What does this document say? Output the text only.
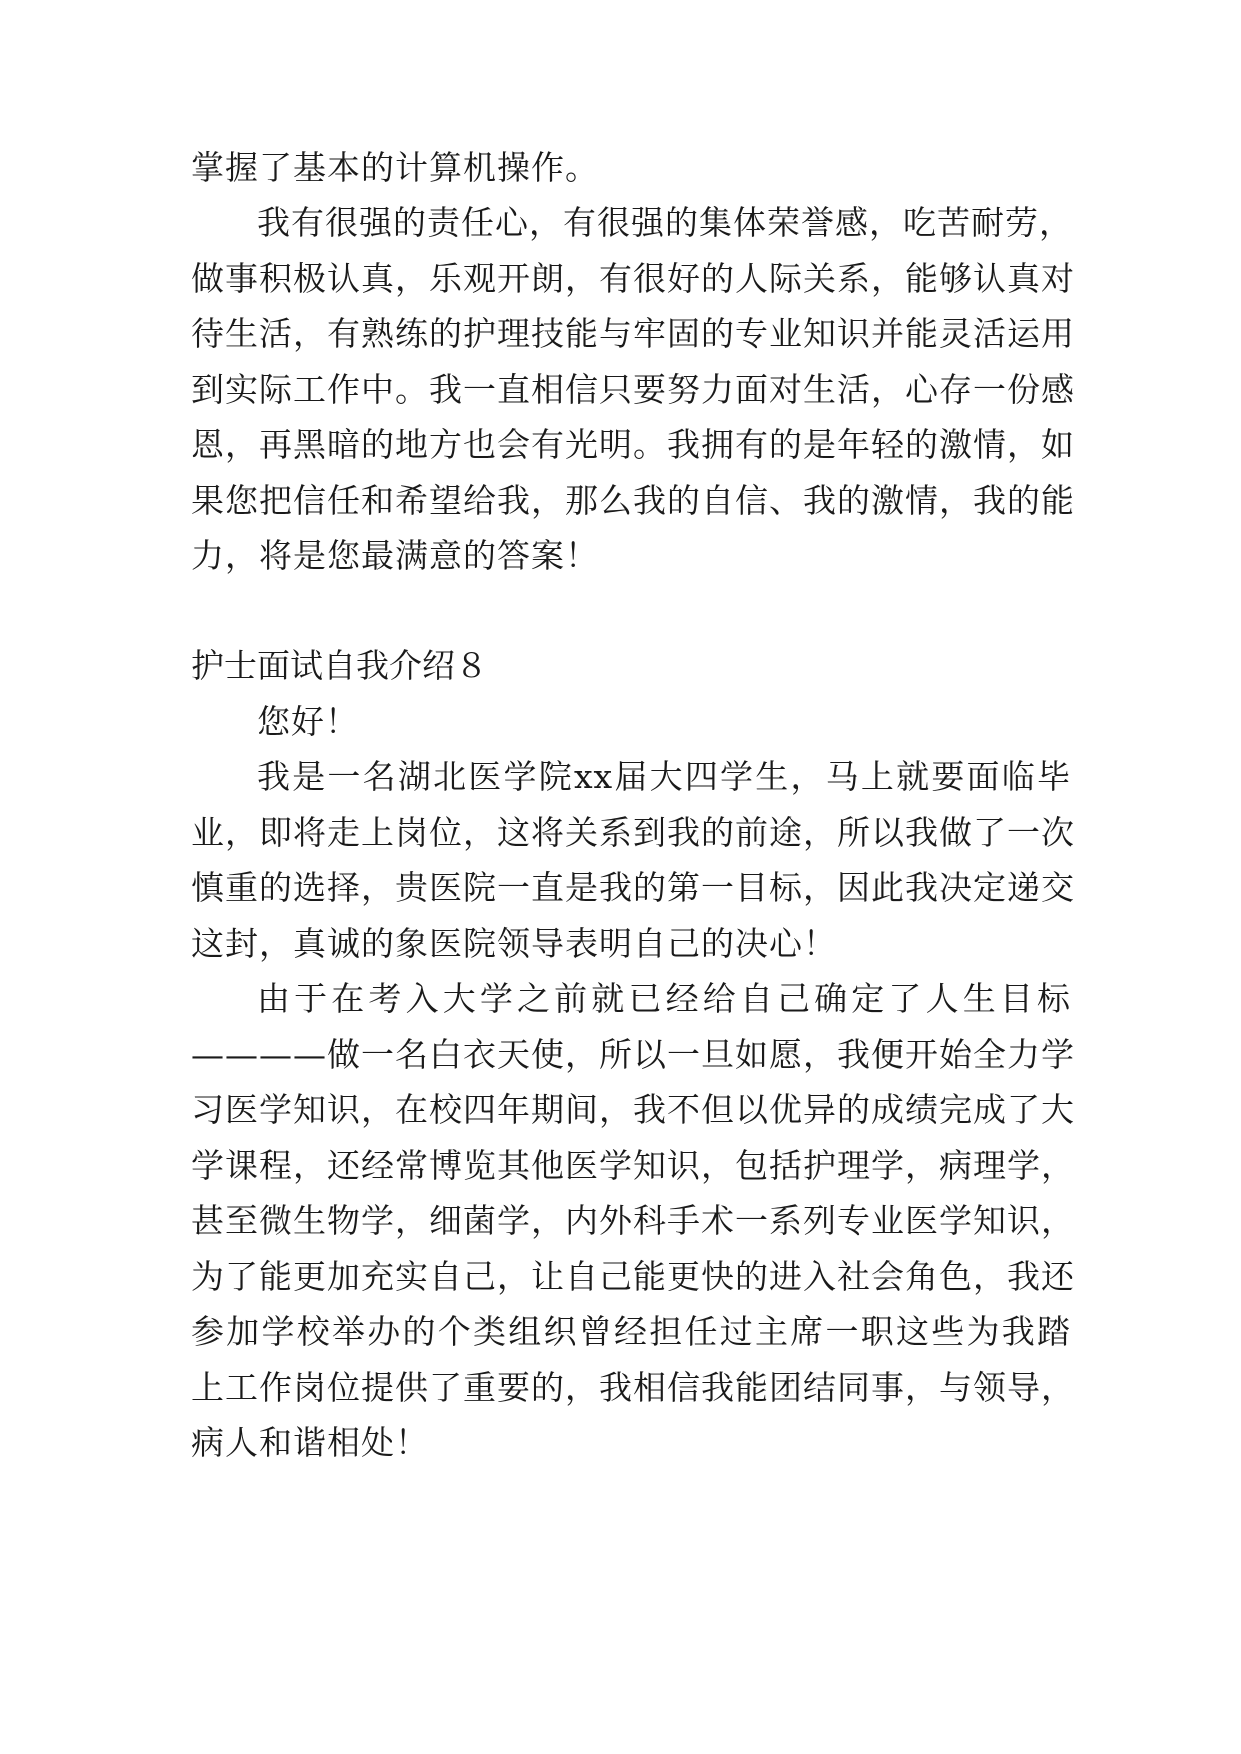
掌握了基本的计算机操作。
我有很强的责任心，有很强的集体荣誉感，吃苦耐劳，
做事积极认真，乐观开朗，有很好的人际关系，能够认真对
待生活，有熟练的护理技能与牢固的专业知识并能灵活运用
到实际工作中。我一直相信只要努力面对生活，心存一份感
恩，再黑暗的地方也会有光明。我拥有的是年轻的激情，如
果您把信任和希望给我，那么我的自信、我的激情，我的能
力，将是您最满意的答案！
护士面试自我介绍８
您好！
我是一名湖北医学院xx届大四学生，马上就要面临毕
业，即将走上岗位，这将关系到我的前途，所以我做了一次
慎重的选择，贵医院一直是我的第一目标，因此我决定递交
这封，真诚的象医院领导表明自己的决心！
由于在考入大学之前就已经给自己确定了人生目标
————做一名白衣天使，所以一旦如愿，我便开始全力学
习医学知识，在校四年期间，我不但以优异的成绩完成了大
学课程，还经常博览其他医学知识，包括护理学，病理学，
甚至微生物学，细菌学，内外科手术一系列专业医学知识，
为了能更加充实自己，让自己能更快的进入社会角色，我还
参加学校举办的个类组织曾经担任过主席一职这些为我踏
上工作岗位提供了重要的，我相信我能团结同事，与领导，
病人和谐相处！
